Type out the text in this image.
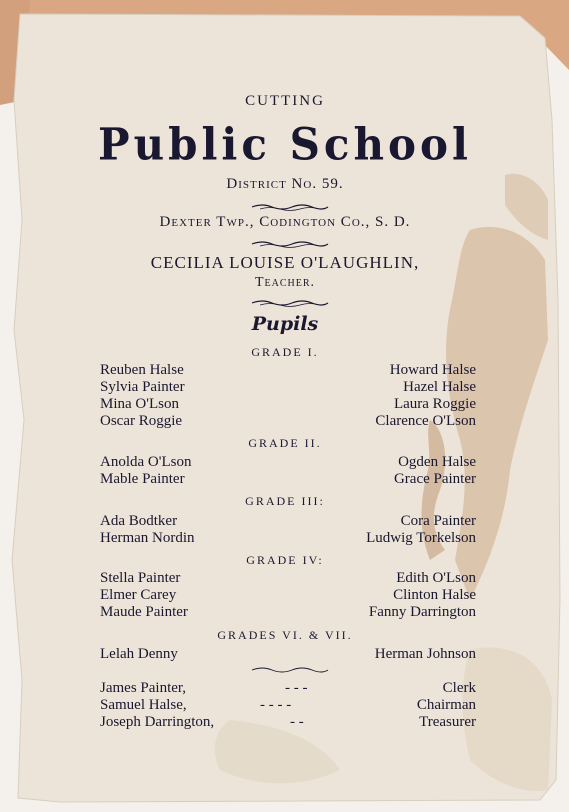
CUTTING
Public School
District No. 59.
Dexter Twp., Codington Co., S. D.
CECILIA LOUISE O'LAUGHLIN,
Teacher.
Pupils
GRADE I.
Reuben Halse	Howard Halse
Sylvia Painter	Hazel Halse
Mina O'Lson	Laura Roggie
Oscar Roggie	Clarence O'Lson
GRADE II.
Anolda O'Lson	Ogden Halse
Mable Painter	Grace Painter
GRADE III:
Ada Bodtker	Cora Painter
Herman Nordin	Ludwig Torkelson
GRADE IV:
Stella Painter	Edith O'Lson
Elmer Carey	Clinton Halse
Maude Painter	Fanny Darrington
GRADES VI. & VII.
Lelah Denny	Herman Johnson
James Painter,	- - -	Clerk
Samuel Halse,	- - - -	Chairman
Joseph Darrington,	- -	Treasurer
